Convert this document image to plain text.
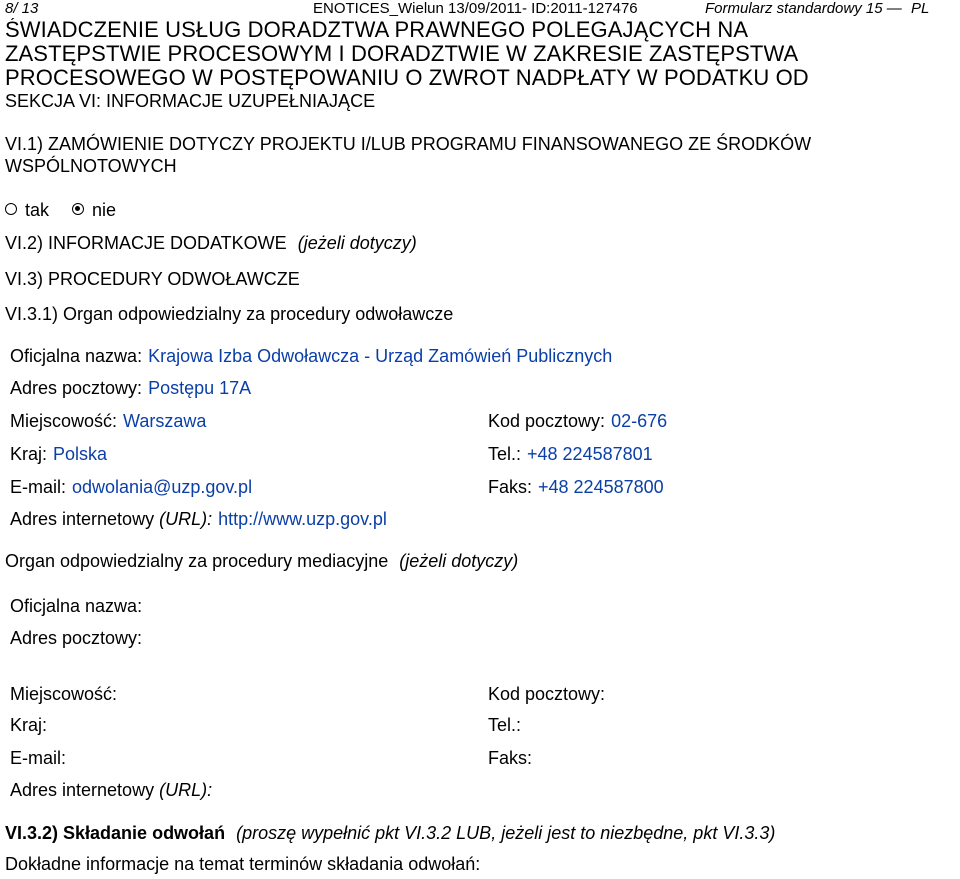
8/ 13	ENOTICES_Wielun 13/09/2011- ID:2011-127476	Formularz standardowy 15 — PL
ŚWIADCZENIE USŁUG DORADZTWA PRAWNEGO POLEGAJĄCYCH NA
ZASTĘPSTWIE PROCESOWYM I DORADZTWIE W ZAKRESIE ZASTĘPSTWA
PROCESOWEGO W POSTĘPOWANIU O ZWROT NADPŁATY W PODATKU OD
SEKCJA VI: INFORMACJE UZUPEŁNIAJĄCE
VI.1) ZAMÓWIENIE DOTYCZY PROJEKTU I/LUB PROGRAMU FINANSOWANEGO ZE ŚRODKÓW
WSPÓLNOTOWYCH
tak nie
VI.2) INFORMACJE DODATKOWE (jeżeli dotyczy)
VI.3) PROCEDURY ODWOŁAWCZE
VI.3.1) Organ odpowiedzialny za procedury odwoławcze
Oficjalna nazwa: Krajowa Izba Odwoławcza - Urząd Zamówień Publicznych
Adres pocztowy: Postępu 17A
Miejscowość: Warszawa	Kod pocztowy: 02-676
Kraj: Polska	Tel.: +48 224587801
E-mail: odwolania@uzp.gov.pl	Faks: +48 224587800
Adres internetowy (URL): http://www.uzp.gov.pl
Organ odpowiedzialny za procedury mediacyjne (jeżeli dotyczy)
Oficjalna nazwa:
Adres pocztowy:
Miejscowość:	Kod pocztowy:
Kraj:	Tel.:
E-mail:	Faks:
Adres internetowy (URL):
VI.3.2) Składanie odwołań (proszę wypełnić pkt VI.3.2 LUB, jeżeli jest to niezbędne, pkt VI.3.3)
Dokładne informacje na temat terminów składania odwołań:
